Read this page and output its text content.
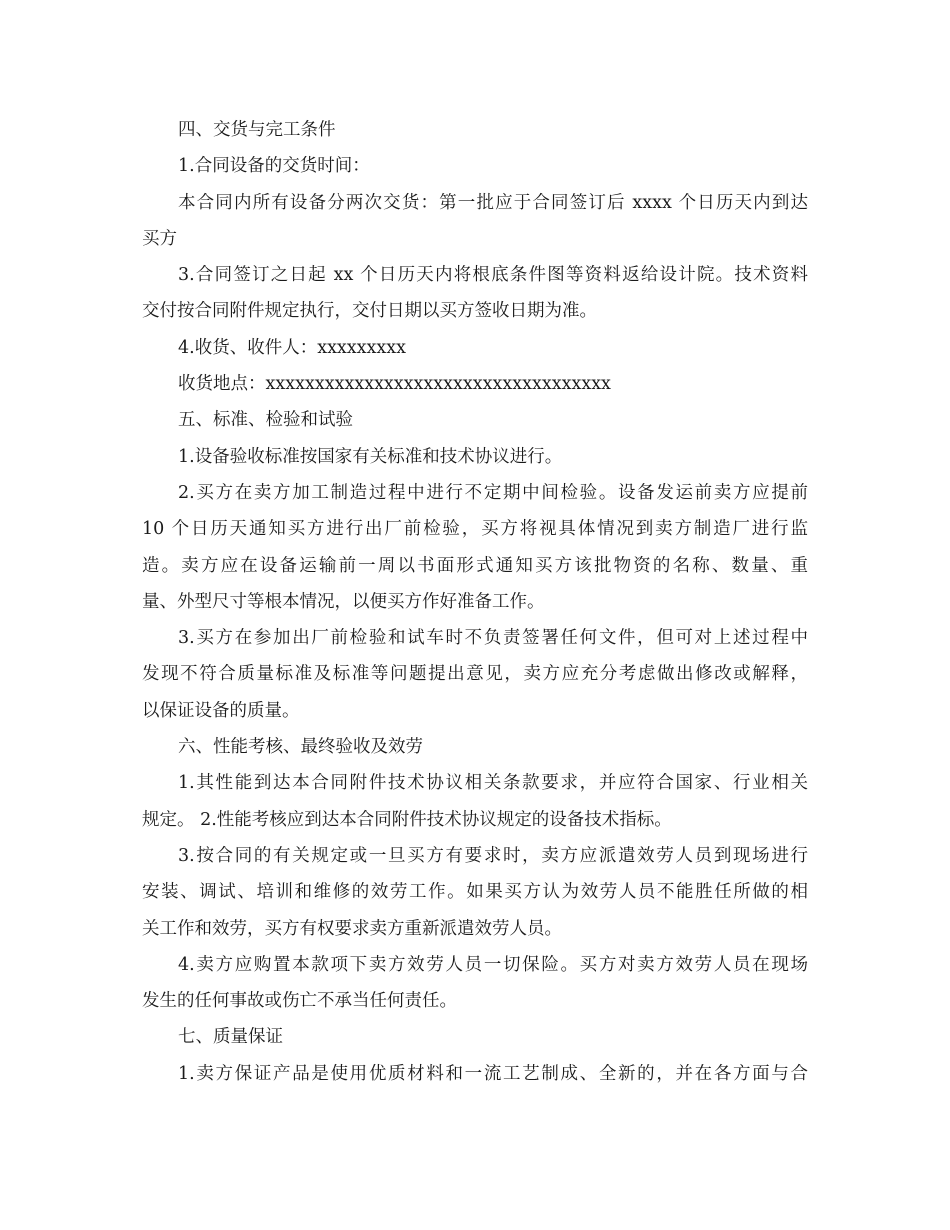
四、交货与完工条件
1.合同设备的交货时间：
本合同内所有设备分两次交货：第一批应于合同签订后 xxxx 个日历天内到达
买方
3.合同签订之日起 xx 个日历天内将根底条件图等资料返给设计院。技术资料
交付按合同附件规定执行，交付日期以买方签收日期为准。
4.收货、收件人：xxxxxxxxx
收货地点：xxxxxxxxxxxxxxxxxxxxxxxxxxxxxxxxxxx
五、标准、检验和试验
1.设备验收标准按国家有关标准和技术协议进行。
2.买方在卖方加工制造过程中进行不定期中间检验。设备发运前卖方应提前
10 个日历天通知买方进行出厂前检验，买方将视具体情况到卖方制造厂进行监
造。卖方应在设备运输前一周以书面形式通知买方该批物资的名称、数量、重
量、外型尺寸等根本情况，以便买方作好准备工作。
3.买方在参加出厂前检验和试车时不负责签署任何文件，但可对上述过程中
发现不符合质量标准及标准等问题提出意见，卖方应充分考虑做出修改或解释，
以保证设备的质量。
六、性能考核、最终验收及效劳
1.其性能到达本合同附件技术协议相关条款要求，并应符合国家、行业相关
规定。 2.性能考核应到达本合同附件技术协议规定的设备技术指标。
3.按合同的有关规定或一旦买方有要求时，卖方应派遣效劳人员到现场进行
安装、调试、培训和维修的效劳工作。如果买方认为效劳人员不能胜任所做的相
关工作和效劳，买方有权要求卖方重新派遣效劳人员。
4.卖方应购置本款项下卖方效劳人员一切保险。买方对卖方效劳人员在现场
发生的任何事故或伤亡不承当任何责任。
七、质量保证
1.卖方保证产品是使用优质材料和一流工艺制成、全新的，并在各方面与合
